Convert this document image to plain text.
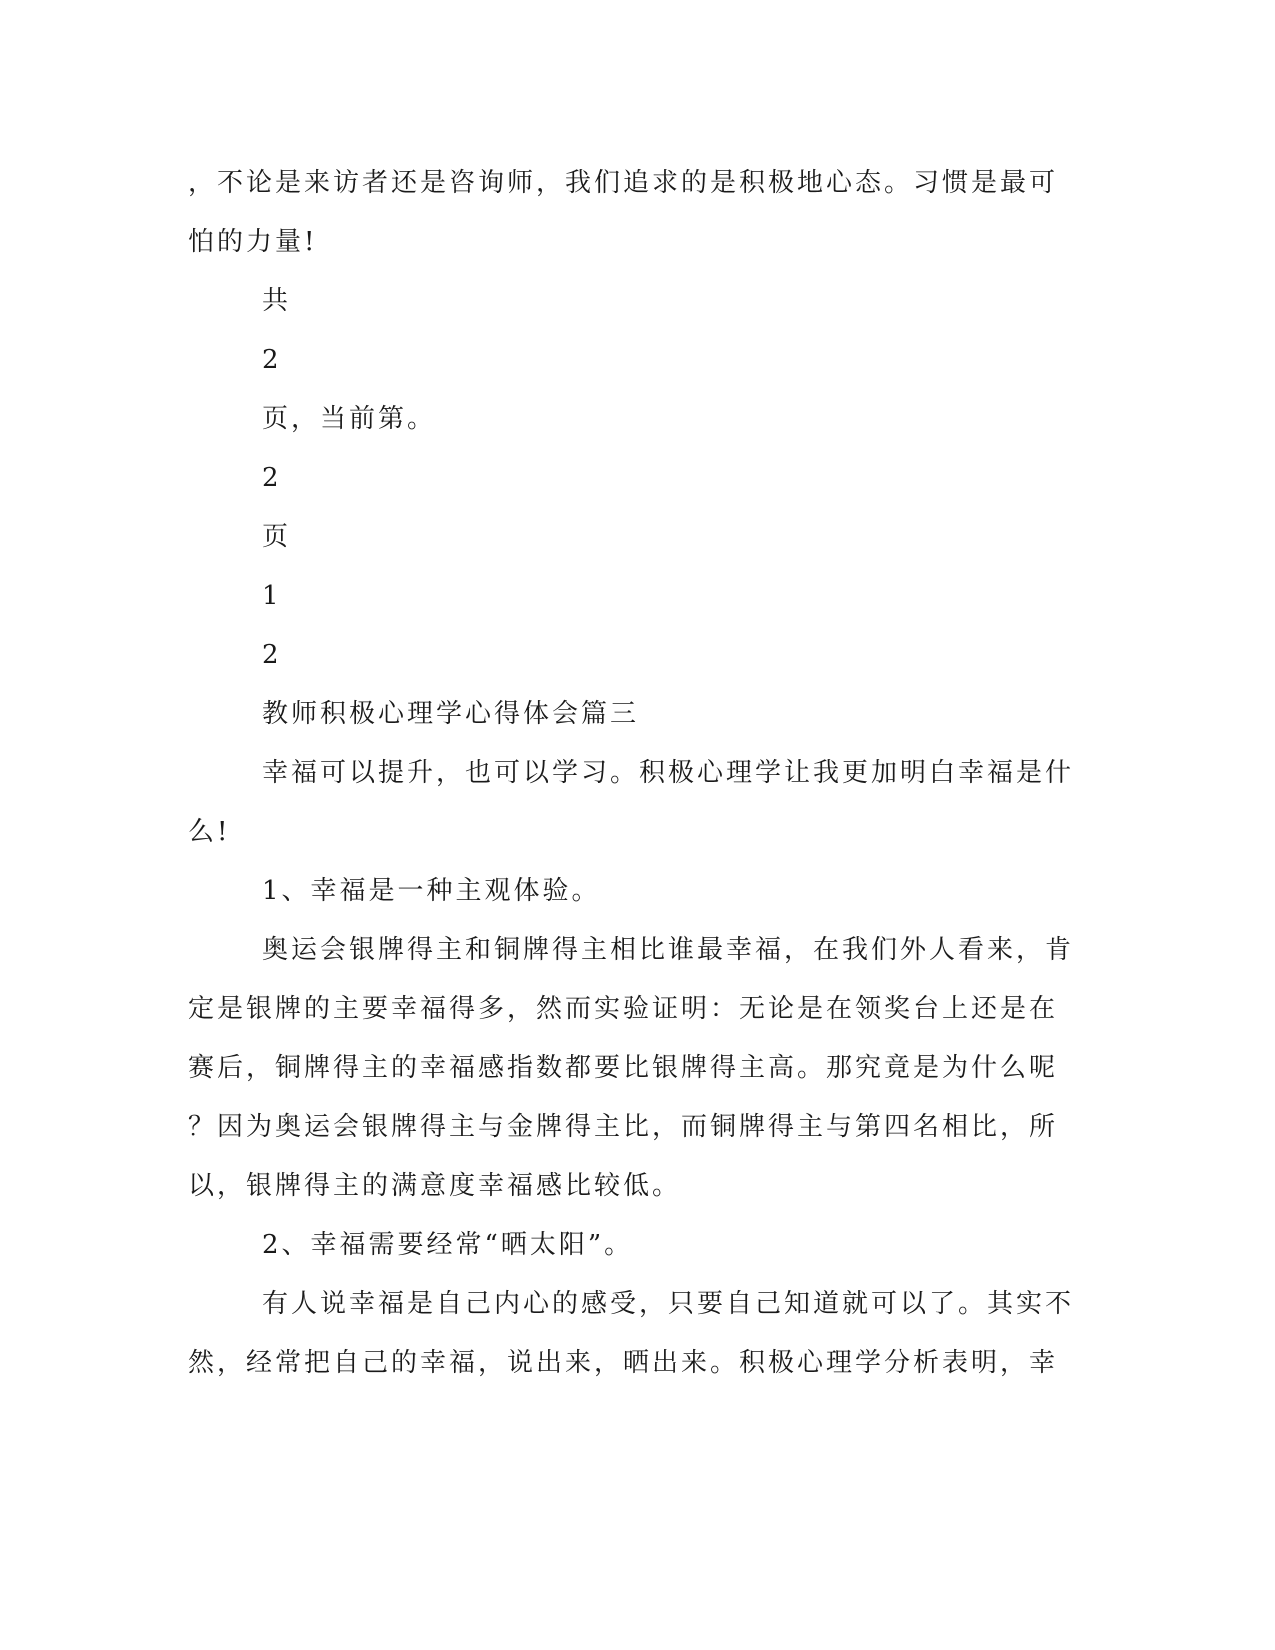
，不论是来访者还是咨询师，我们追求的是积极地心态。习惯是最可
怕的力量!
共
2
页，当前第。
2
页
1
2
教师积极心理学心得体会篇三
幸福可以提升，也可以学习。积极心理学让我更加明白幸福是什
么!
1、幸福是一种主观体验。
奥运会银牌得主和铜牌得主相比谁最幸福，在我们外人看来，肯
定是银牌的主要幸福得多，然而实验证明：无论是在领奖台上还是在
赛后，铜牌得主的幸福感指数都要比银牌得主高。那究竟是为什么呢
？因为奥运会银牌得主与金牌得主比，而铜牌得主与第四名相比，所
以，银牌得主的满意度幸福感比较低。
2、幸福需要经常“晒太阳”。
有人说幸福是自己内心的感受，只要自己知道就可以了。其实不
然，经常把自己的幸福，说出来，晒出来。积极心理学分析表明，幸
